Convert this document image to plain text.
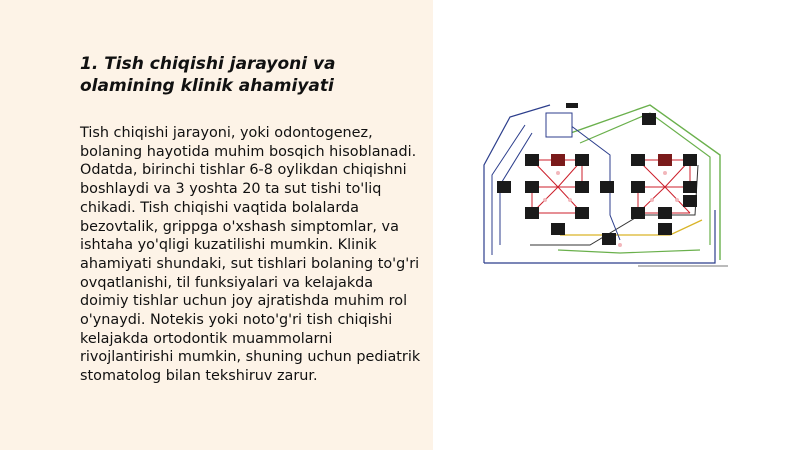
1. Tish chiqishi jarayoni va olamining klinik ahamiyati

Tish chiqishi jarayoni, yoki odontogenez, bolaning hayotida muhim bosqich hisoblanadi. Odatda, birinchi tishlar 6-8 oylikdan chiqishni boshlaydi va 3 yoshta 20 ta sut tishi to'liq chikadi. Tish chiqishi vaqtida bolalarda bezovtalik, grippga o'xshash simptomlar, va ishtaha yo'qligi kuzatilishi mumkin. Klinik ahamiyati shundaki, sut tishlari bolaning to'g'ri ovqatlanishi, til funksiyalari va kelajakda doimiy tishlar uchun joy ajratishda muhim rol o'ynaydi. Notekis yoki noto'g'ri tish chiqishi kelajakda ortodontik muammolarni rivojlantirishi mumkin, shuning uchun pediatrik stomatolog bilan tekshiruv zarur.
